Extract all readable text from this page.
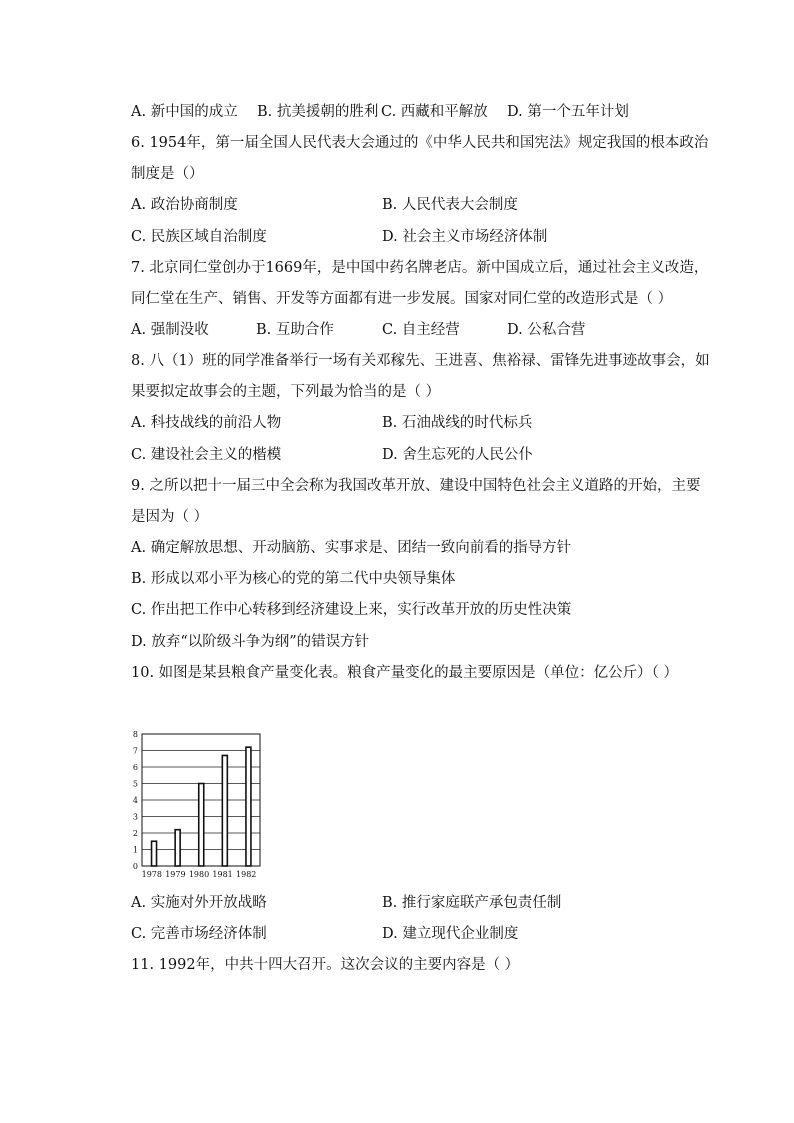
A. 新中国的成立 B. 抗美援朝的胜利 C. 西藏和平解放 D. 第一个五年计划
6. 1954年，第一届全国人民代表大会通过的《中华人民共和国宪法》规定我国的根本政治
制度是（）
A. 政治协商制度	B. 人民代表大会制度
C. 民族区域自治制度	D. 社会主义市场经济体制
7. 北京同仁堂创办于1669年，是中国中药名牌老店。新中国成立后，通过社会主义改造，
同仁堂在生产、销售、开发等方面都有进一步发展。国家对同仁堂的改造形式是（ ）
A. 强制没收	B. 互助合作	C. 自主经营	D. 公私合营
8. 八（1）班的同学准备举行一场有关邓稼先、王进喜、焦裕禄、雷锋先进事迹故事会，如
果要拟定故事会的主题，下列最为恰当的是（ ）
A. 科技战线的前沿人物	B. 石油战线的时代标兵
C. 建设社会主义的楷模	D. 舍生忘死的人民公仆
9. 之所以把十一届三中全会称为我国改革开放、建设中国特色社会主义道路的开始，主要
是因为（ ）
A. 确定解放思想、开动脑筋、实事求是、团结一致向前看的指导方针
B. 形成以邓小平为核心的党的第二代中央领导集体
C. 作出把工作中心转移到经济建设上来，实行改革开放的历史性决策
D. 放弃“以阶级斗争为纲”的错误方针
10. 如图是某县粮食产量变化表。粮食产量变化的最主要原因是（单位：亿公斤）（ ）
0
1
2
3
4
5
6
7
8
1978 1979 1980 1981 1982
A. 实施对外开放战略	B. 推行家庭联产承包责任制
C. 完善市场经济体制	D. 建立现代企业制度
11. 1992年，中共十四大召开。这次会议的主要内容是（ ）
